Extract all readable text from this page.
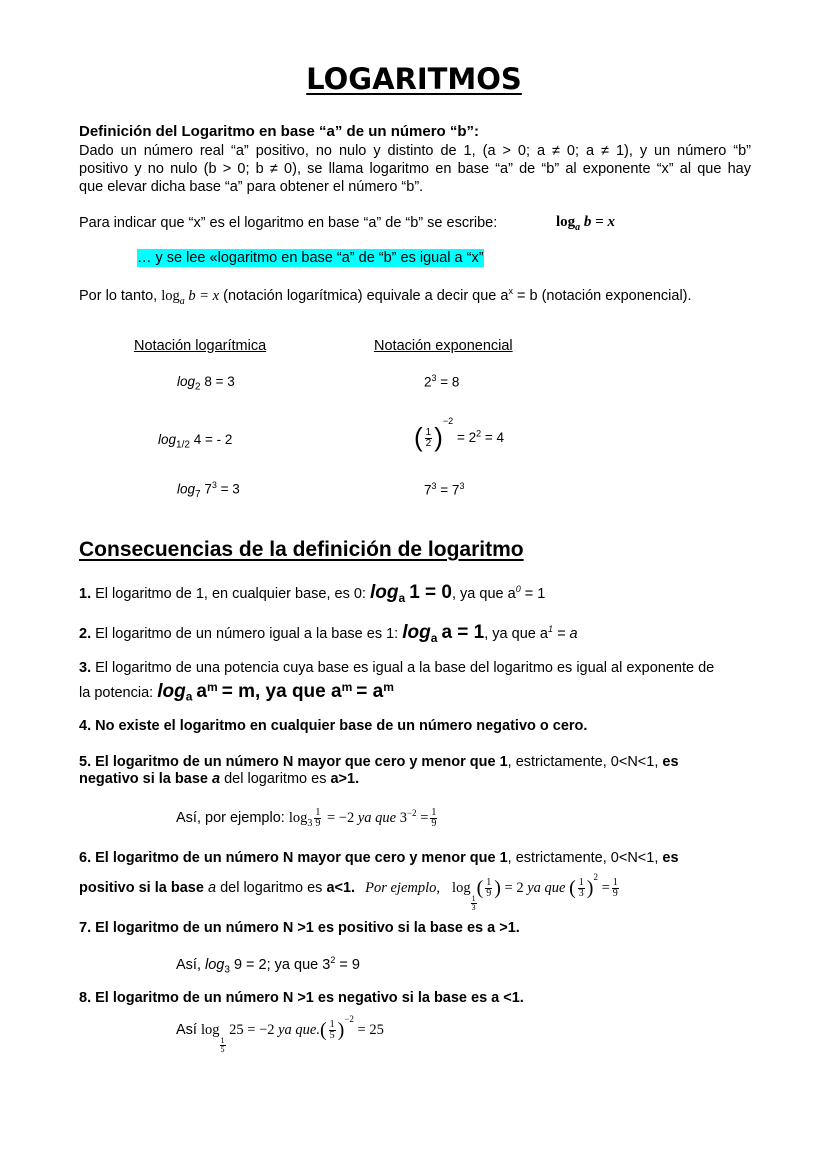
LOGARITMOS
Definición del Logaritmo en base “a” de un número “b”:
Dado un número real “a” positivo, no nulo y distinto de 1, (a > 0; a ≠ 0; a ≠ 1), y un número “b”
positivo y no nulo (b > 0; b ≠ 0), se llama logaritmo en base “a” de “b” al exponente “x” al que hay
que elevar dicha base “a” para obtener el número “b”.
Para indicar que “x” es el logaritmo en base “a” de “b” se escribe:	$\log_a b = x$
… y se lee «logaritmo en base “a” de “b” es igual a “x”
Por lo tanto, $\log_a b = x$ (notación logarítmica) equivale a decir que $a^x = b$ (notación exponencial).
Notación logarítmica	Notación exponencial
$\log_2 8 = 3$	$2^3 = 8$
$\log_{1/2} 4$ = - 2	( $\frac{1}{2} )^{-2} = 2^2 = 4$
$\log_7 7^3 = 3$	$7^3 = 7^3$
Consecuencias de la definición de logaritmo
1. El logaritmo de 1, en cualquier base, es 0: $\log_a 1 = 0$, ya que $a^0 = 1$
2. El logaritmo de un número igual a la base es 1: $\log_a a = 1$, ya que $a^1 = a$
3. El logaritmo de una potencia cuya base es igual a la base del logaritmo es igual al exponente de
la potencia: $\log_a a^m = m$, ya que $a^m = a^m$
4. No existe el logaritmo en cualquier base de un número negativo o cero.
5. El logaritmo de un número N mayor que cero y menor que 1, estrictamente, 0<N<1, es
negativo si la base a del logaritmo es a>1.
Así, por ejemplo: $\log_3 \frac{1}{9} = -2$ ya que $3^{-2} = \frac{1}{9}$
6. El logaritmo de un número N mayor que cero y menor que 1, estrictamente, 0<N<1, es
positivo si la base a del logaritmo es a<1. Por ejemplo, log
$\frac{1}{3}$
( $\frac{1}{9}$ ) = 2 ya que ( $\frac{1}{3} )^2 = \frac{1}{9}$
7. El logaritmo de un número N >1 es positivo si la base es a >1.
Así, $\log_3 9 = 2$; ya que $3^2 = 9$
8. El logaritmo de un número N >1 es negativo si la base es a <1.
Así log
$\frac{1}{5}$
25 = −2 ya $que.( \frac{1}{5} )^{-2} = 25$
